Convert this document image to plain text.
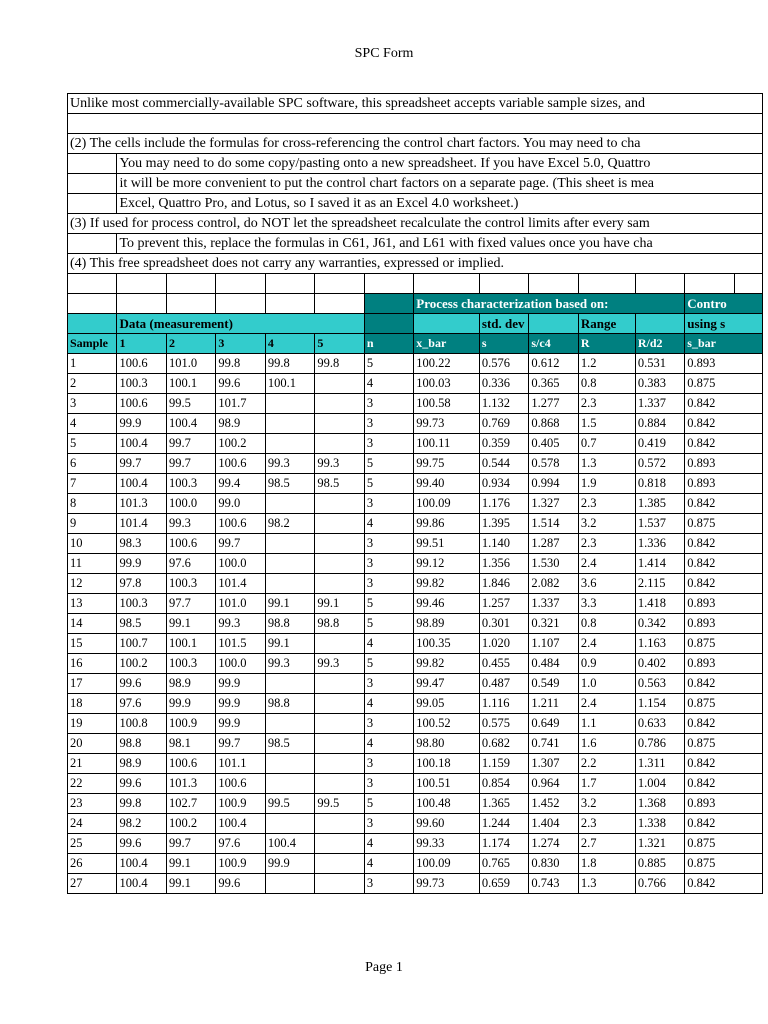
SPC Form
Unlike most commercially-available SPC software, this spreadsheet accepts variable sample sizes, and													

(2) The cells include the formulas for cross-referencing the control chart factors. You may need to cha													
	You may need to do some copy/pasting onto a new spreadsheet. If you have Excel 5.0, Quattro												
	it will be more convenient to put the control chart factors on a separate page. (This sheet is mea												
	Excel, Quattro Pro, and Lotus, so I saved it as an Excel 4.0 worksheet.)												
(3) If used for process control, do NOT let the spreadsheet recalculate the control limits after every sam													
	To prevent this, replace the formulas in C61, J61, and L61 with fixed values once you have cha												
(4) This free spreadsheet does not carry any warranties, expressed or implied.													

							Process characterization based on:					Contro	
	Data (measurement)							std. dev		Range		using s	
Sample	1	2	3	4	5	n	x_bar	s	s/c4	R	R/d2	s_bar	
1	100.6	101.0	99.8	99.8	99.8	5	100.22	0.576	0.612	1.2	0.531	0.893	
2	100.3	100.1	99.6	100.1		4	100.03	0.336	0.365	0.8	0.383	0.875	
3	100.6	99.5	101.7			3	100.58	1.132	1.277	2.3	1.337	0.842	
4	99.9	100.4	98.9			3	99.73	0.769	0.868	1.5	0.884	0.842	
5	100.4	99.7	100.2			3	100.11	0.359	0.405	0.7	0.419	0.842	
6	99.7	99.7	100.6	99.3	99.3	5	99.75	0.544	0.578	1.3	0.572	0.893	
7	100.4	100.3	99.4	98.5	98.5	5	99.40	0.934	0.994	1.9	0.818	0.893	
8	101.3	100.0	99.0			3	100.09	1.176	1.327	2.3	1.385	0.842	
9	101.4	99.3	100.6	98.2		4	99.86	1.395	1.514	3.2	1.537	0.875	
10	98.3	100.6	99.7			3	99.51	1.140	1.287	2.3	1.336	0.842	
11	99.9	97.6	100.0			3	99.12	1.356	1.530	2.4	1.414	0.842	
12	97.8	100.3	101.4			3	99.82	1.846	2.082	3.6	2.115	0.842	
13	100.3	97.7	101.0	99.1	99.1	5	99.46	1.257	1.337	3.3	1.418	0.893	
14	98.5	99.1	99.3	98.8	98.8	5	98.89	0.301	0.321	0.8	0.342	0.893	
15	100.7	100.1	101.5	99.1		4	100.35	1.020	1.107	2.4	1.163	0.875	
16	100.2	100.3	100.0	99.3	99.3	5	99.82	0.455	0.484	0.9	0.402	0.893	
17	99.6	98.9	99.9			3	99.47	0.487	0.549	1.0	0.563	0.842	
18	97.6	99.9	99.9	98.8		4	99.05	1.116	1.211	2.4	1.154	0.875	
19	100.8	100.9	99.9			3	100.52	0.575	0.649	1.1	0.633	0.842	
20	98.8	98.1	99.7	98.5		4	98.80	0.682	0.741	1.6	0.786	0.875	
21	98.9	100.6	101.1			3	100.18	1.159	1.307	2.2	1.311	0.842	
22	99.6	101.3	100.6			3	100.51	0.854	0.964	1.7	1.004	0.842	
23	99.8	102.7	100.9	99.5	99.5	5	100.48	1.365	1.452	3.2	1.368	0.893	
24	98.2	100.2	100.4			3	99.60	1.244	1.404	2.3	1.338	0.842	
25	99.6	99.7	97.6	100.4		4	99.33	1.174	1.274	2.7	1.321	0.875	
26	100.4	99.1	100.9	99.9		4	100.09	0.765	0.830	1.8	0.885	0.875	
27	100.4	99.1	99.6			3	99.73	0.659	0.743	1.3	0.766	0.842	
Page 1
